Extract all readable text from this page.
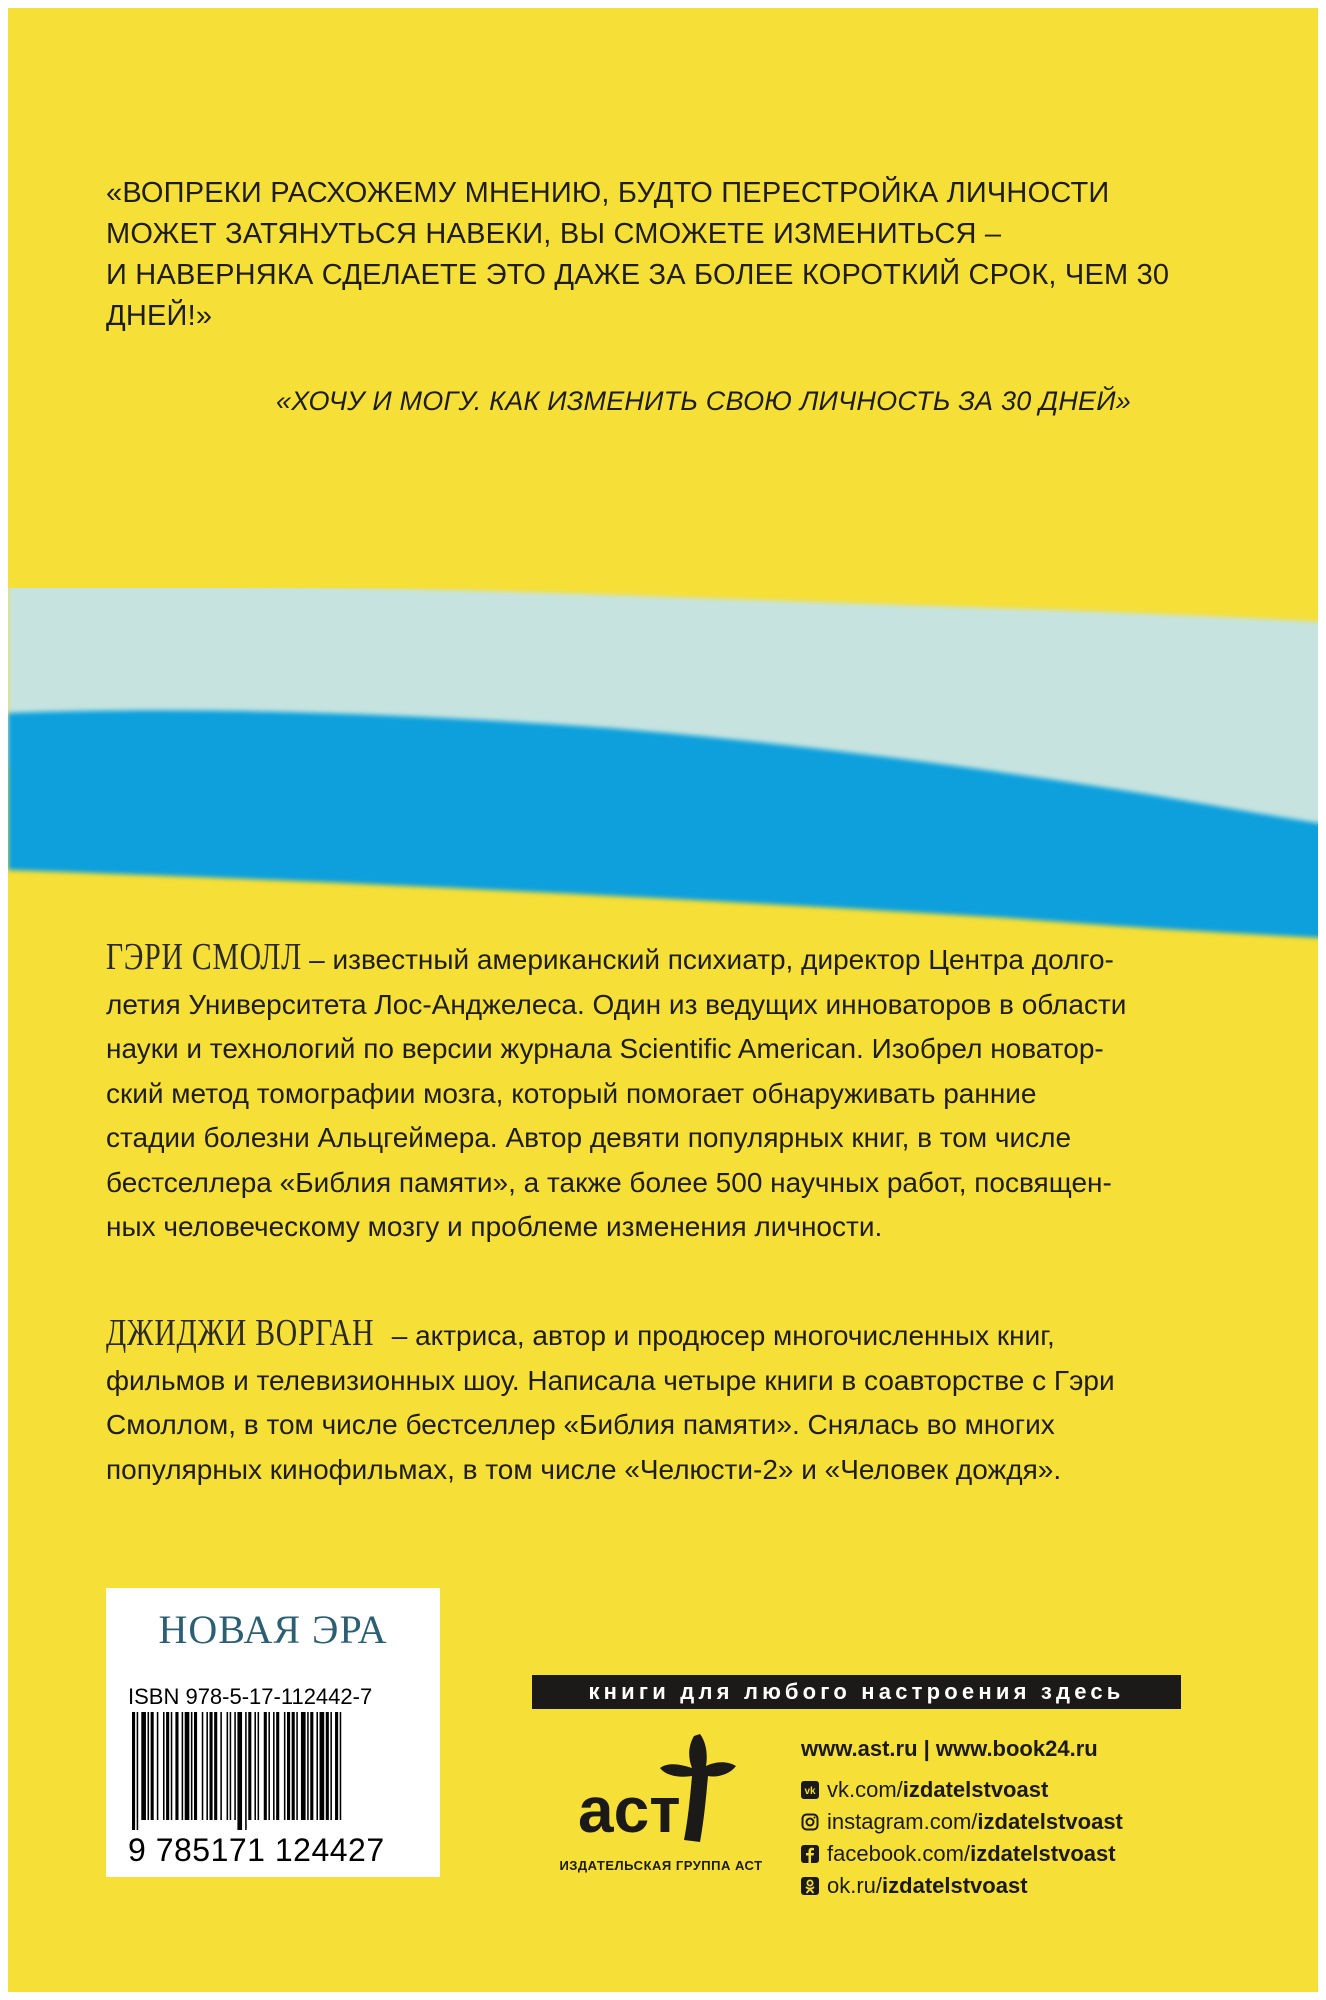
«ВОПРЕКИ РАСХОЖЕМУ МНЕНИЮ, БУДТО ПЕРЕСТРОЙКА ЛИЧНОСТИ
МОЖЕТ ЗАТЯНУТЬСЯ НАВЕКИ, ВЫ СМОЖЕТЕ ИЗМЕНИТЬСЯ –
И НАВЕРНЯКА СДЕЛАЕТЕ ЭТО ДАЖЕ ЗА БОЛЕЕ КОРОТКИЙ СРОК, ЧЕМ 30
ДНЕЙ!»
«ХОЧУ И МОГУ. КАК ИЗМЕНИТЬ СВОЮ ЛИЧНОСТЬ ЗА 30 ДНЕЙ»
ГЭРИ СМОЛЛ – известный американский психиатр, директор Центра долго-
летия Университета Лос-Анджелеса. Один из ведущих инноваторов в области
науки и технологий по версии журнала Scientific American. Изобрел новатор-
ский метод томографии мозга, который помогает обнаруживать ранние
стадии болезни Альцгеймера. Автор девяти популярных книг, в том числе
бестселлера «Библия памяти», а также более 500 научных работ, посвящен-
ных человеческому мозгу и проблеме изменения личности.
ДЖИДЖИ ВОРГАН – актриса, автор и продюсер многочисленных книг,
фильмов и телевизионных шоу. Написала четыре книги в соавторстве с Гэри
Смоллом, в том числе бестселлер «Библия памяти». Снялась во многих
популярных кинофильмах, в том числе «Челюсти-2» и «Человек дождя».
НОВАЯ ЭРА
ISBN 978-5-17-112442-7
9 785171 124427
книги для любого настроения здесь
аст
ИЗДАТЕЛЬСКАЯ ГРУППА АСТ
www.ast.ru | www.book24.ru
vk vk.com/ izdatelstvoast
instagram.com/ izdatelstvoast
facebook.com/ izdatelstvoast
ok.ru/ izdatelstvoast
